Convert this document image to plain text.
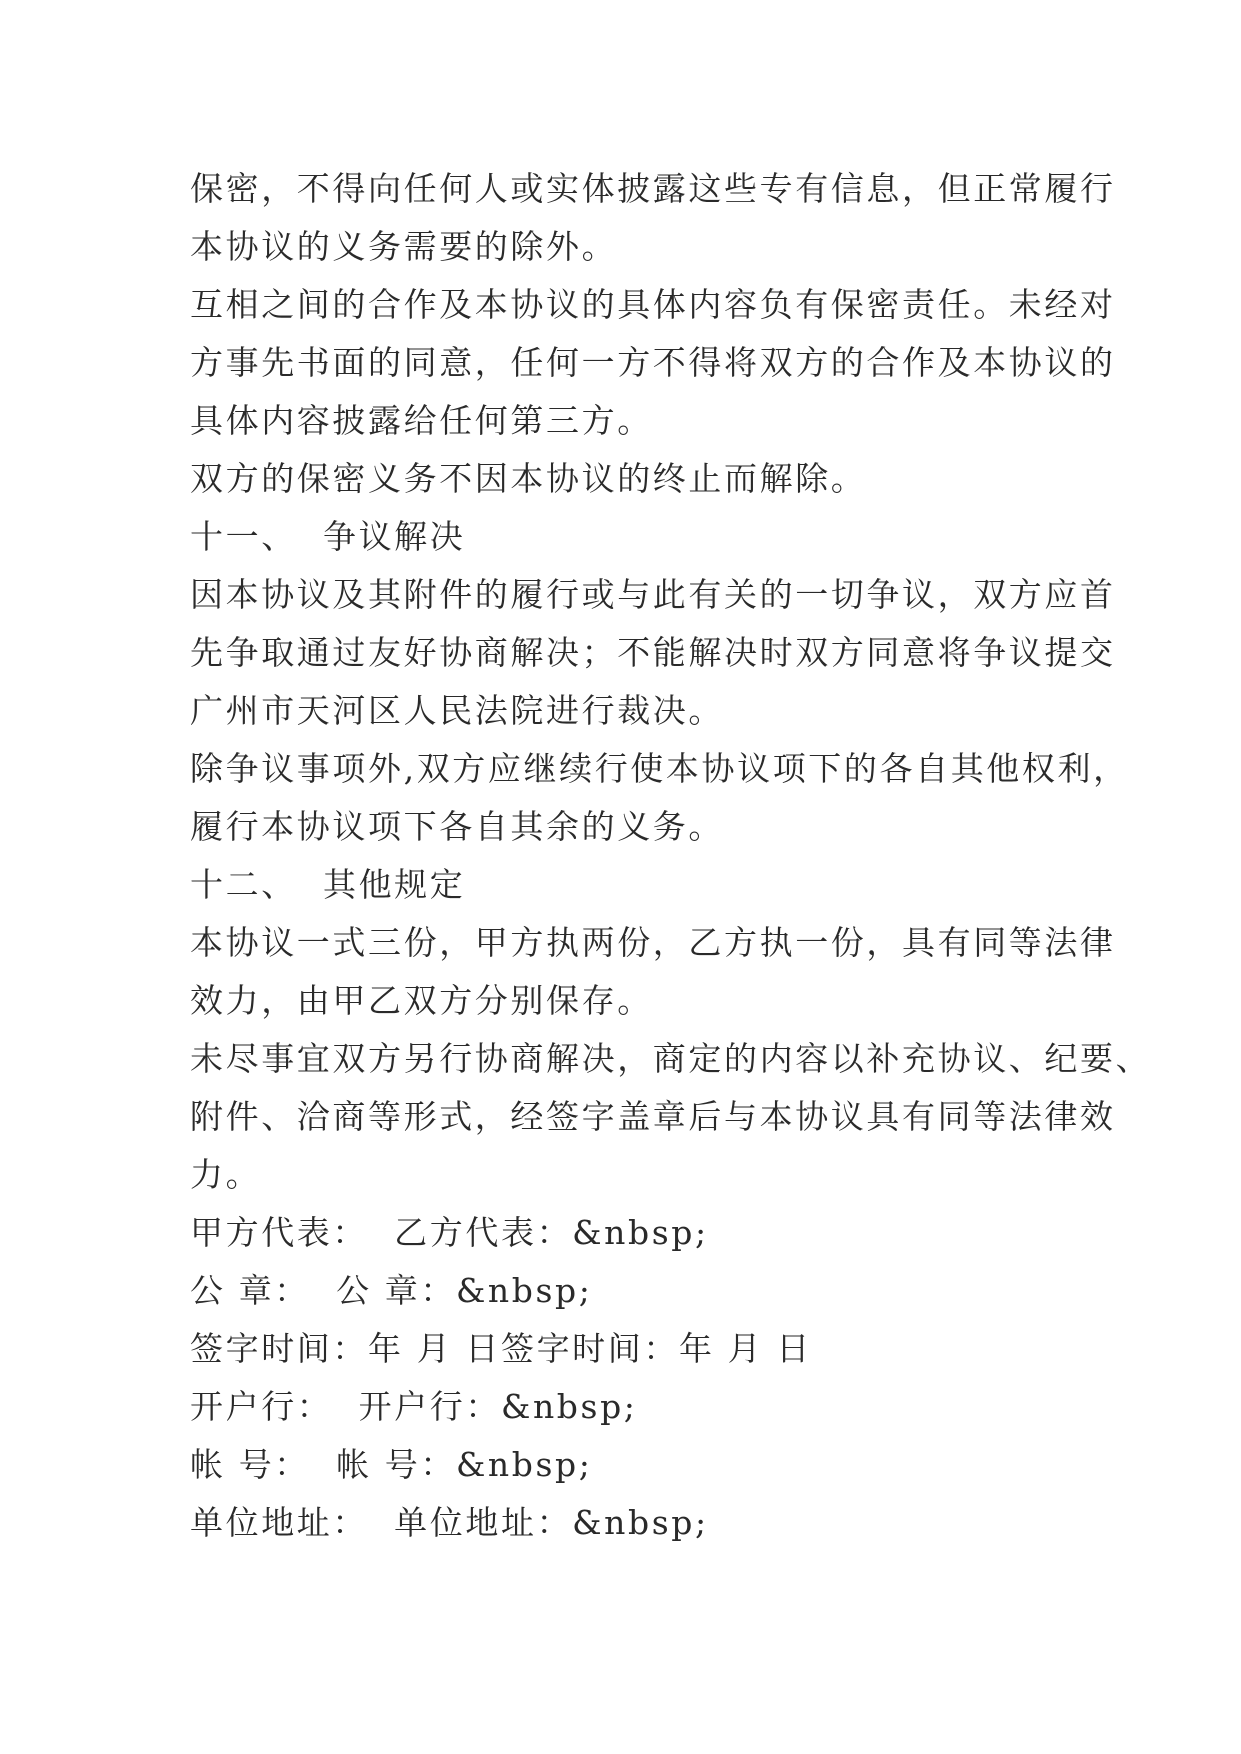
保密，不得向任何人或实体披露这些专有信息，但正常履行
本协议的义务需要的除外。
互相之间的合作及本协议的具体内容负有保密责任。未经对
方事先书面的同意，任何一方不得将双方的合作及本协议的
具体内容披露给任何第三方。
双方的保密义务不因本协议的终止而解除。
十一、  争议解决
因本协议及其附件的履行或与此有关的一切争议，双方应首
先争取通过友好协商解决；不能解决时双方同意将争议提交
广州市天河区人民法院进行裁决。
除争议事项外,双方应继续行使本协议项下的各自其他权利，
履行本协议项下各自其余的义务。
十二、  其他规定
本协议一式三份，甲方执两份，乙方执一份，具有同等法律
效力，由甲乙双方分别保存。
未尽事宜双方另行协商解决，商定的内容以补充协议、纪要、
附件、洽商等形式，经签字盖章后与本协议具有同等法律效
力。
甲方代表：  乙方代表：&nbsp;
公 章：  公 章：&nbsp;
签字时间：年 月 日签字时间：年 月 日
开户行：  开户行：&nbsp;
帐 号：  帐 号：&nbsp;
单位地址：  单位地址：&nbsp;
